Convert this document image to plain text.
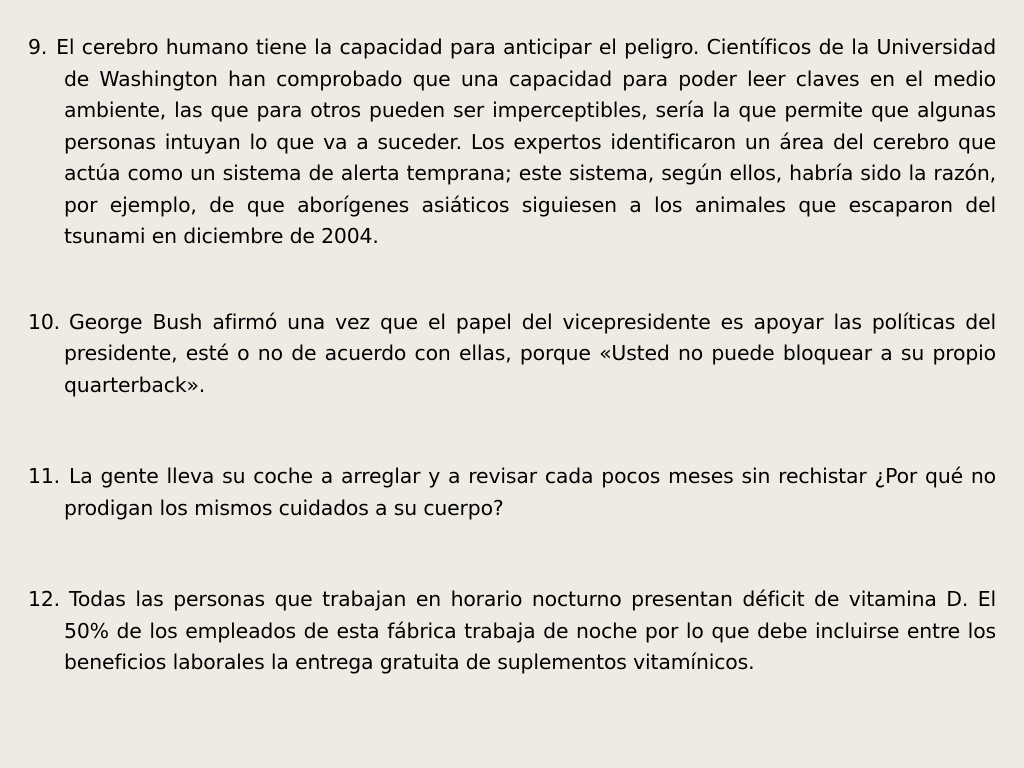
9. El cerebro humano tiene la capacidad para anticipar el peligro. Científicos de la Universidad de Washington han comprobado que una capacidad para poder leer claves en el medio ambiente, las que para otros pueden ser imperceptibles, sería la que permite que algunas personas intuyan lo que va a suceder. Los expertos identificaron un área del cerebro que actúa como un sistema de alerta temprana; este sistema, según ellos, habría sido la razón, por ejemplo, de que aborígenes asiáticos siguiesen a los animales que escaparon del tsunami en diciembre de 2004.
10. George Bush afirmó una vez que el papel del vicepresidente es apoyar las políticas del presidente, esté o no de acuerdo con ellas, porque «Usted no puede bloquear a su propio quarterback».
11. La gente lleva su coche a arreglar y a revisar cada pocos meses sin rechistar ¿Por qué no prodigan los mismos cuidados a su cuerpo?
12. Todas las personas que trabajan en horario nocturno presentan déficit de vitamina D. El 50% de los empleados de esta fábrica trabaja de noche por lo que debe incluirse entre los beneficios laborales la entrega gratuita de suplementos vitamínicos.
